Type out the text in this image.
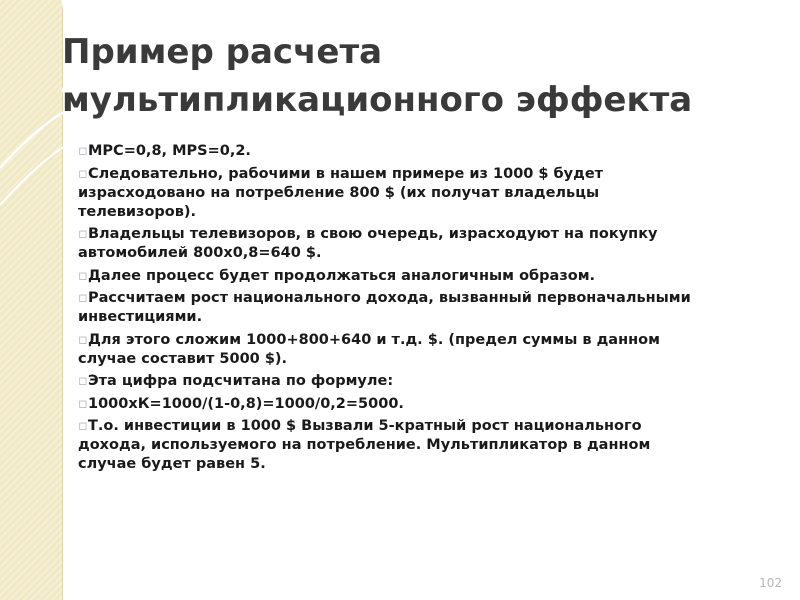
Пример расчета
мультипликационного эффекта
▫MPC=0,8, MPS=0,2.
▫Следовательно, рабочими в нашем примере из 1000 $ будет израсходовано на потребление 800 $ (их получат владельцы телевизоров).
▫Владельцы телевизоров, в свою очередь, израсходуют на покупку автомобилей 800х0,8=640 $.
▫Далее процесс будет продолжаться аналогичным образом.
▫Рассчитаем рост национального дохода, вызванный первоначальными инвестициями.
▫Для этого сложим 1000+800+640 и т.д. $. (предел суммы в данном случае составит 5000 $).
▫Эта цифра подсчитана по формуле:
▫1000хК=1000/(1-0,8)=1000/0,2=5000.
▫Т.о. инвестиции в 1000 $ Вызвали 5-кратный рост национального дохода, используемого на потребление. Мультипликатор в данном случае будет равен 5.
102
